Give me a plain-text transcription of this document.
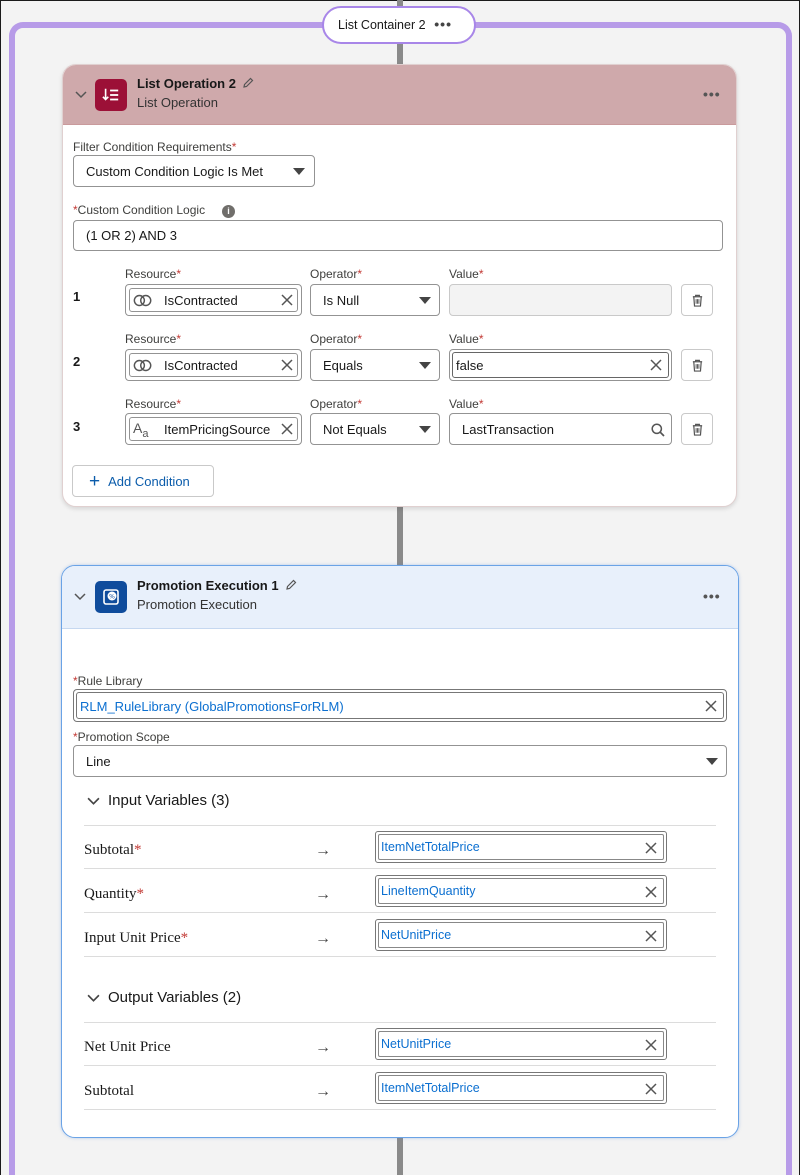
List Container 2 •••
List Operation 2
List Operation
•••
Filter Condition Requirements*
Custom Condition Logic Is Met
*Custom Condition Logic	i
(1 OR 2) AND 3
Resource*	Operator*	Value*
1	IsContracted	Is Null
Resource*	Operator*	Value*
2	IsContracted	Equals	false
Resource*	Operator*	Value*
3	$A_a$ ItemPricingSource	Not Equals	LastTransaction
+ Add Condition
%
Promotion Execution 1
Promotion Execution
•••
*Rule Library
RLM_RuleLibrary (GlobalPromotionsForRLM)
*Promotion Scope
Line
Input Variables (3)
Subtotal*	→	ItemNetTotalPrice
Quantity*	→	LineItemQuantity
Input Unit Price*	→	NetUnitPrice
Output Variables (2)
Net Unit Price	→	NetUnitPrice
Subtotal	→	ItemNetTotalPrice
